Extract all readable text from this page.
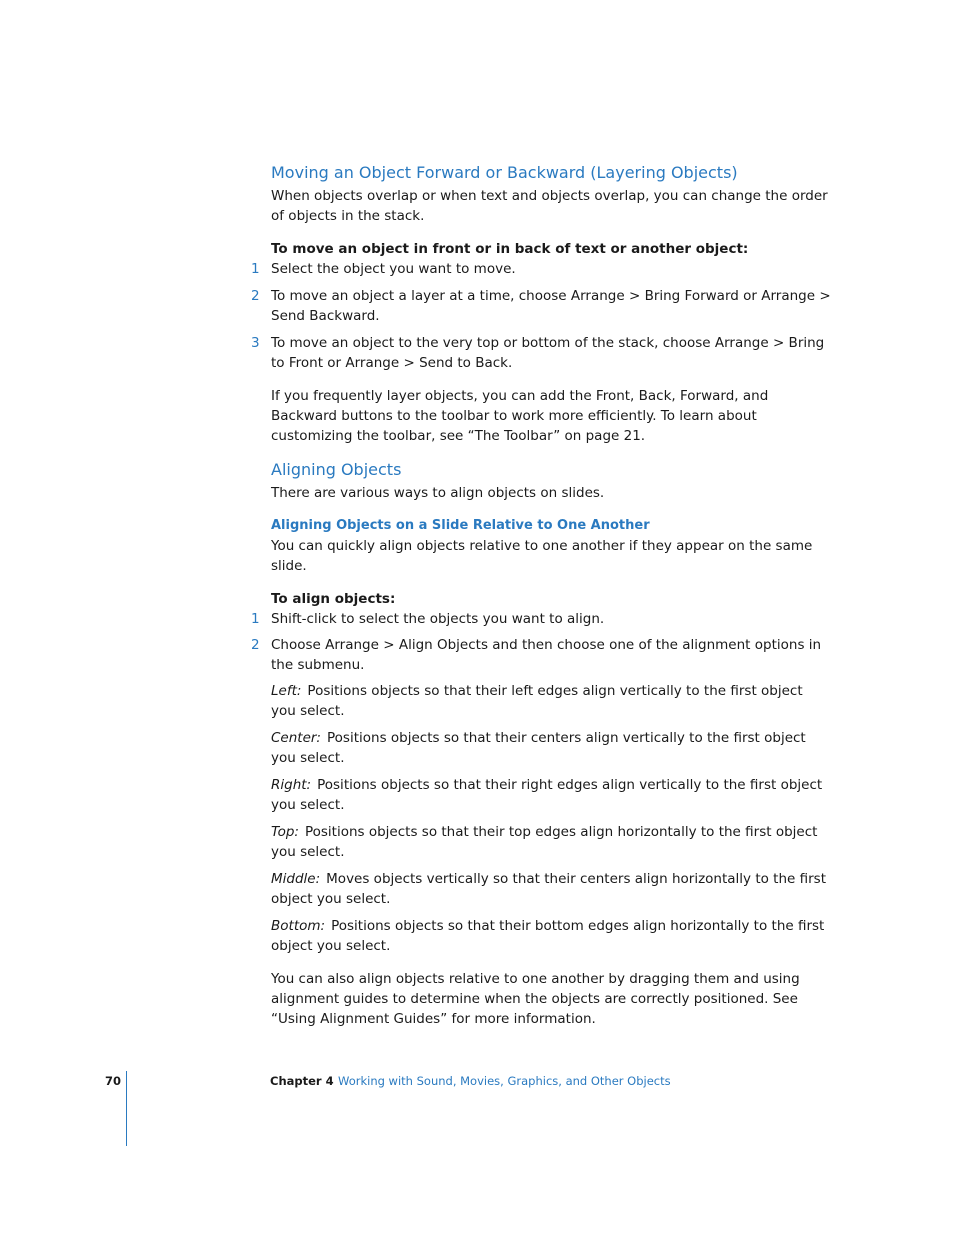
Moving an Object Forward or Backward (Layering Objects)

When objects overlap or when text and objects overlap, you can change the order of objects in the stack.

To move an object in front or in back of text or another object:

1 Select the object you want to move.

2 To move an object a layer at a time, choose Arrange > Bring Forward or Arrange > Send Backward.

3 To move an object to the very top or bottom of the stack, choose Arrange > Bring to Front or Arrange > Send to Back.

If you frequently layer objects, you can add the Front, Back, Forward, and Backward buttons to the toolbar to work more efficiently. To learn about customizing the toolbar, see “The Toolbar” on page 21.

Aligning Objects

There are various ways to align objects on slides.

Aligning Objects on a Slide Relative to One Another

You can quickly align objects relative to one another if they appear on the same slide.

To align objects:

1 Shift-click to select the objects you want to align.

2 Choose Arrange > Align Objects and then choose one of the alignment options in the submenu.

Left: Positions objects so that their left edges align vertically to the first object you select.

Center: Positions objects so that their centers align vertically to the first object you select.

Right: Positions objects so that their right edges align vertically to the first object you select.

Top: Positions objects so that their top edges align horizontally to the first object you select.

Middle: Moves objects vertically so that their centers align horizontally to the first object you select.

Bottom: Positions objects so that their bottom edges align horizontally to the first object you select.

You can also align objects relative to one another by dragging them and using alignment guides to determine when the objects are correctly positioned. See “Using Alignment Guides” for more information.

70	Chapter 4 Working with Sound, Movies, Graphics, and Other Objects
